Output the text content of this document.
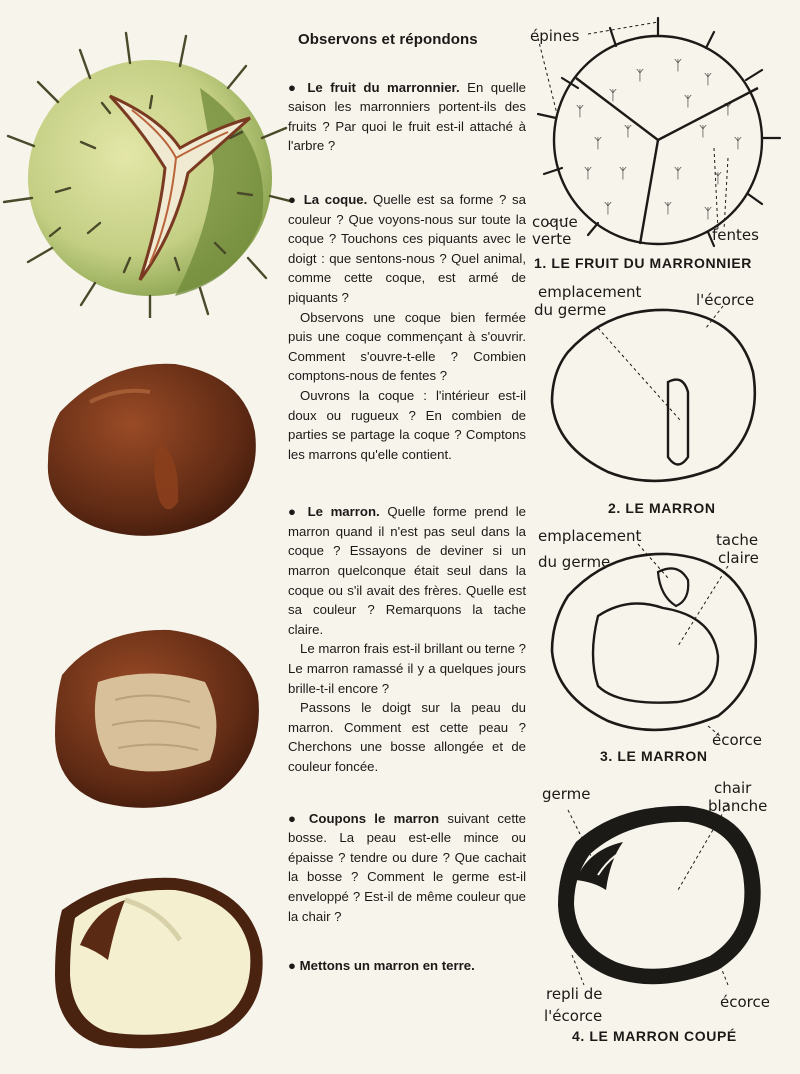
Observons et répondons

● Le fruit du marronnier. En quelle saison les marronniers portent-ils des fruits ? Par quoi le fruit est-il attaché à l'arbre ?

● La coque. Quelle est sa forme ? sa couleur ? Que voyons-nous sur toute la coque ? Touchons ces piquants avec le doigt : que sentons-nous ? Quel animal, comme cette coque, est armé de piquants ?

Observons une coque bien fermée puis une coque commençant à s'ouvrir. Comment s'ouvre-t-elle ? Combien comptons-nous de fentes ?

Ouvrons la coque : l'intérieur est-il doux ou rugueux ? En combien de parties se partage la coque ? Comptons les marrons qu'elle contient.

● Le marron. Quelle forme prend le marron quand il n'est pas seul dans la coque ? Essayons de deviner si un marron quelconque était seul dans la coque ou s'il avait des frères. Quelle est sa couleur ? Remarquons la tache claire.

Le marron frais est-il brillant ou terne ? Le marron ramassé il y a quelques jours brille-t-il encore ?

Passons le doigt sur la peau du marron. Comment est cette peau ? Cherchons une bosse allongée et de couleur foncée.

● Coupons le marron suivant cette bosse. La peau est-elle mince ou épaisse ? tendre ou dure ? Que cachait la bosse ? Comment le germe est-il enveloppé ? Est-il de même couleur que la chair ?

● Mettons un marron en terre.

ᛉ
ᛉ
ᛉ
ᛉ
ᛉ
ᛉ
ᛉ
ᛉ
ᛉ	ᛉ
ᛉ
ᛉ ᛉ	ᛉ ᛉ
ᛉ	ᛉ ᛉ
épines
coque
verte	fentes
1. LE FRUIT DU MARRONNIER
emplacement
du germe
l'écorce
2. LE MARRON
emplacement
du germe
tache
claire
écorce
3. LE MARRON
germe	chair
blanche
repli de
l'écorce
écorce
4. LE MARRON COUPÉ
